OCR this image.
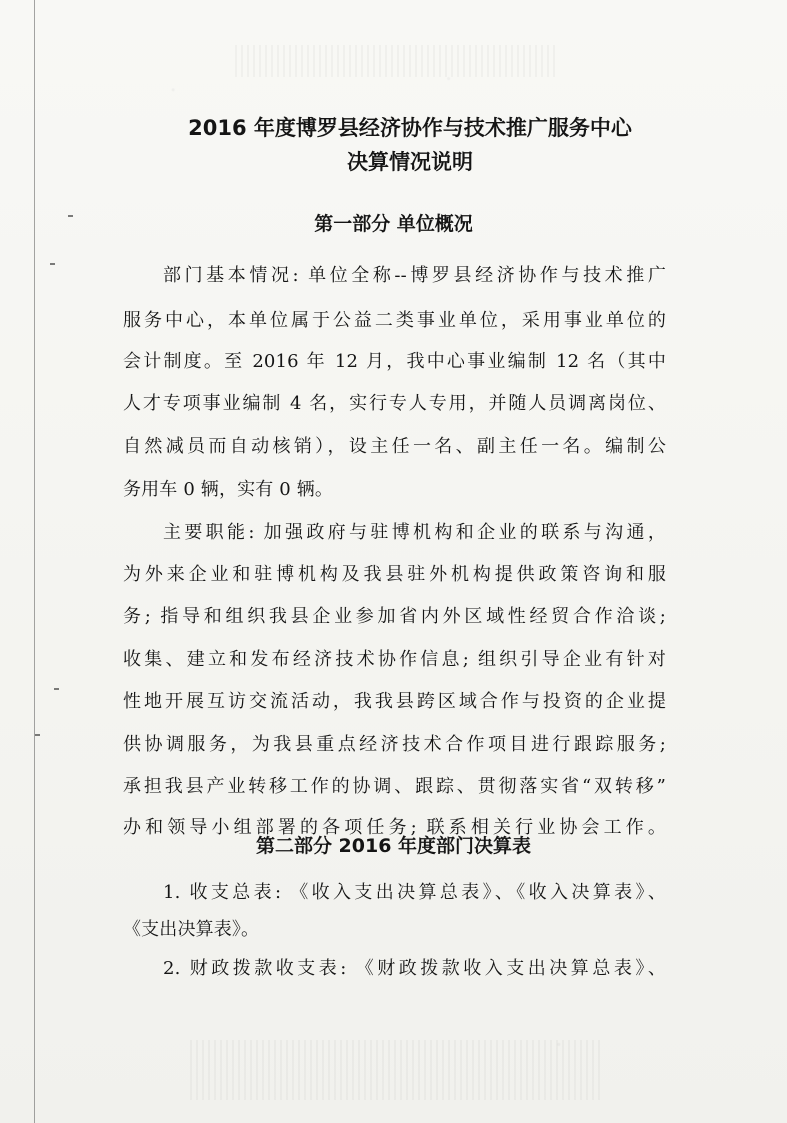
2016 年度博罗县经济协作与技术推广服务中心
决算情况说明
第一部分 单位概况
部门基本情况: 单位全称--博罗县经济协作与技术推广
服务中心，本单位属于公益二类事业单位，采用事业单位的
会计制度。至 2016 年 12 月，我中心事业编制 12 名（其中
人才专项事业编制 4 名，实行专人专用，并随人员调离岗位、
自然减员而自动核销），设主任一名、副主任一名。编制公
务用车 0 辆，实有 0 辆。
主要职能: 加强政府与驻博机构和企业的联系与沟通，
为外来企业和驻博机构及我县驻外机构提供政策咨询和服
务; 指导和组织我县企业参加省内外区域性经贸合作洽谈;
收集、建立和发布经济技术协作信息; 组织引导企业有针对
性地开展互访交流活动，我我县跨区域合作与投资的企业提
供协调服务，为我县重点经济技术合作项目进行跟踪服务;
承担我县产业转移工作的协调、跟踪、贯彻落实省“双转移”
办和领导小组部署的各项任务; 联系相关行业协会工作。
第二部分 2016 年度部门决算表
1. 收支总表: 《收入支出决算总表》、《收入决算表》、
《支出决算表》。
2. 财政拨款收支表: 《财政拨款收入支出决算总表》、
